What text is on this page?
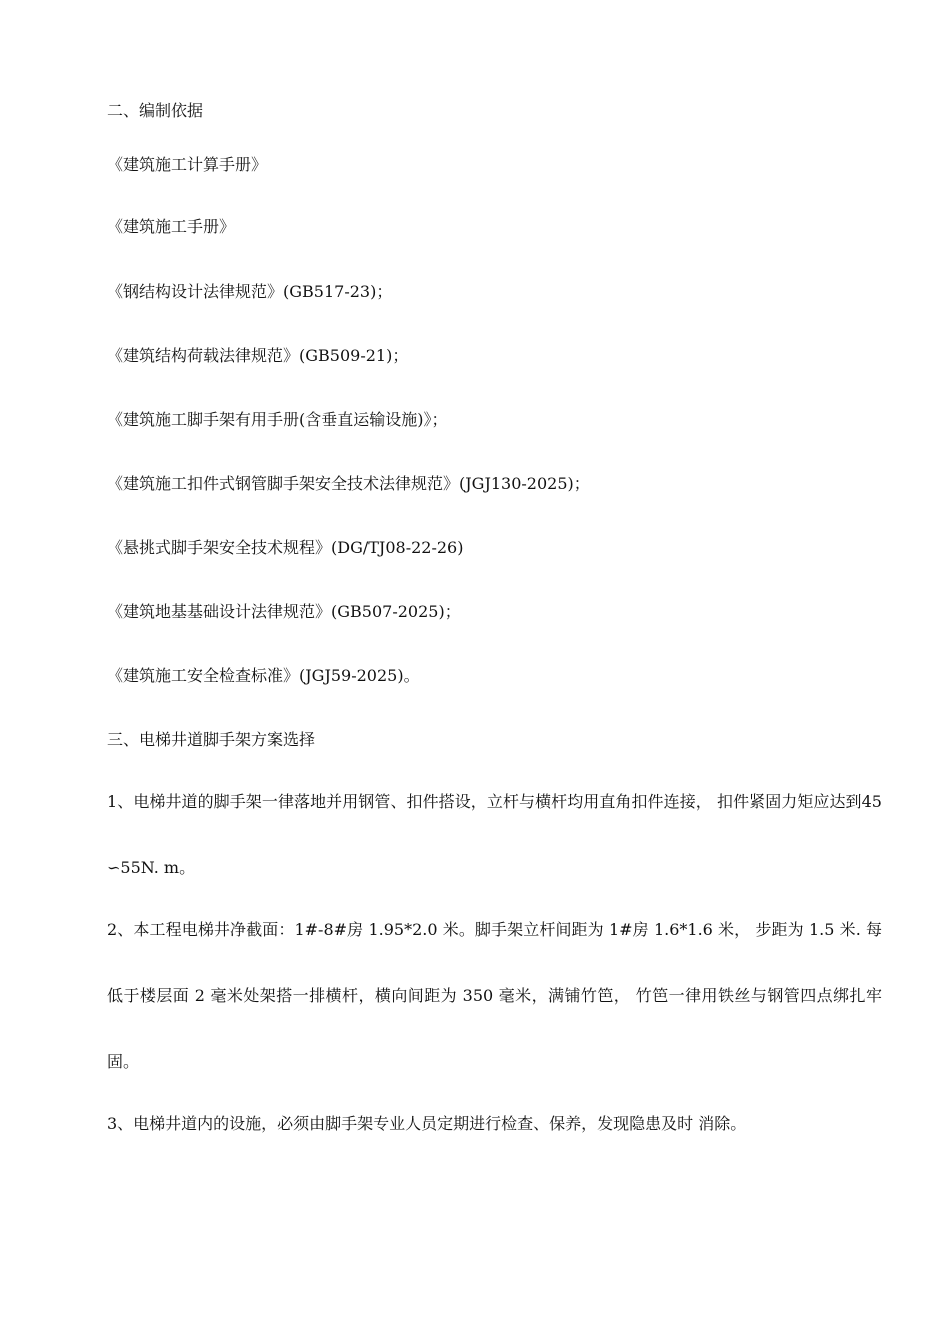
二、编制依据
《建筑施工计算手册》
《建筑施工手册》
《钢结构设计法律规范》(GB517-23)；
《建筑结构荷载法律规范》(GB509-21)；
《建筑施工脚手架有用手册(含垂直运输设施)》；
《建筑施工扣件式钢管脚手架安全技术法律规范》(JGJ130-2025)；
《悬挑式脚手架安全技术规程》(DG/TJ08-22-26)
《建筑地基基础设计法律规范》(GB507-2025)；
《建筑施工安全检查标准》(JGJ59-2025)。
三、电梯井道脚手架方案选择
1、电梯井道的脚手架一律落地并用钢管、扣件搭设，立杆与横杆均用直角扣件连接， 扣件紧固力矩应达到45∽55N. m。
2、本工程电梯井净截面：1#-8#房 1.95*2.0 米。脚手架立杆间距为 1#房 1.6*1.6 米， 步距为 1.5 米. 每低于楼层面 2 毫米处架搭一排横杆，横向间距为 350 毫米，满铺竹笆， 竹笆一律用铁丝与钢管四点绑扎牢固。
3、电梯井道内的设施，必须由脚手架专业人员定期进行检查、保养，发现隐患及时 消除。
